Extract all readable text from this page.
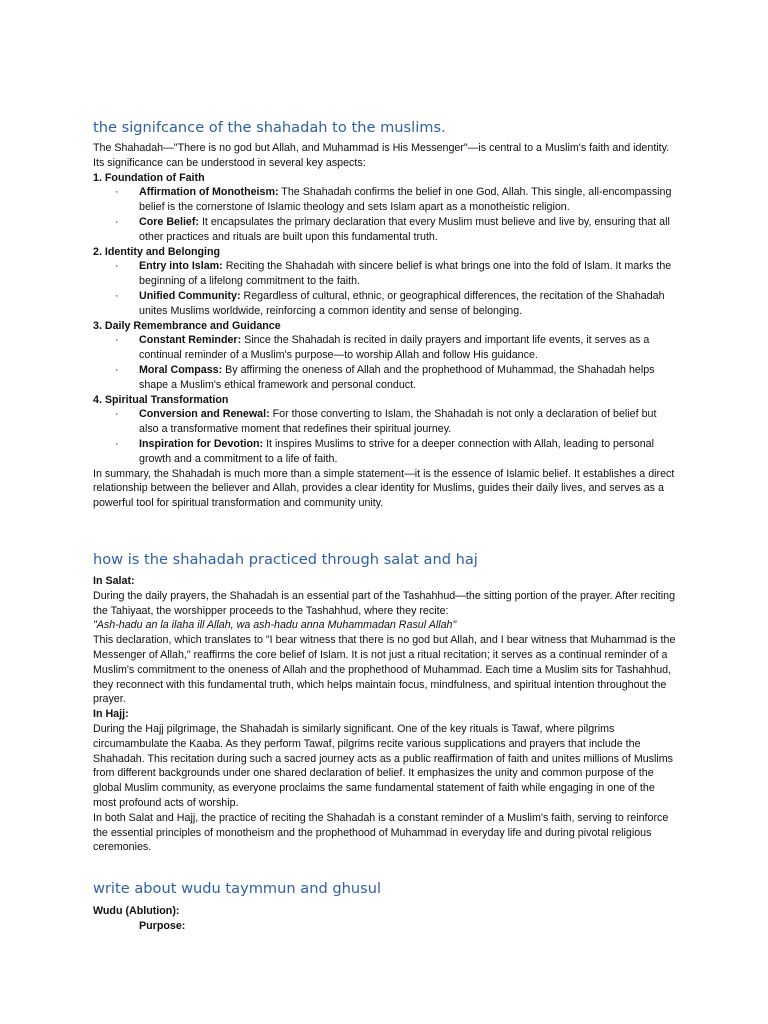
the signifcance of the shahadah to the muslims.

The Shahadah—"There is no god but Allah, and Muhammad is His Messenger"—is central to a Muslim's faith and identity. Its significance can be understood in several key aspects:

1. Foundation of Faith

· Affirmation of Monotheism: The Shahadah confirms the belief in one God, Allah. This single, all-encompassing belief is the cornerstone of Islamic theology and sets Islam apart as a monotheistic religion.
· Core Belief: It encapsulates the primary declaration that every Muslim must believe and live by, ensuring that all other practices and rituals are built upon this fundamental truth.

2. Identity and Belonging

· Entry into Islam: Reciting the Shahadah with sincere belief is what brings one into the fold of Islam. It marks the beginning of a lifelong commitment to the faith.
· Unified Community: Regardless of cultural, ethnic, or geographical differences, the recitation of the Shahadah unites Muslims worldwide, reinforcing a common identity and sense of belonging.

3. Daily Remembrance and Guidance

· Constant Reminder: Since the Shahadah is recited in daily prayers and important life events, it serves as a continual reminder of a Muslim's purpose—to worship Allah and follow His guidance.
· Moral Compass: By affirming the oneness of Allah and the prophethood of Muhammad, the Shahadah helps shape a Muslim's ethical framework and personal conduct.

4. Spiritual Transformation

· Conversion and Renewal: For those converting to Islam, the Shahadah is not only a declaration of belief but also a transformative moment that redefines their spiritual journey.
· Inspiration for Devotion: It inspires Muslims to strive for a deeper connection with Allah, leading to personal growth and a commitment to a life of faith.

In summary, the Shahadah is much more than a simple statement—it is the essence of Islamic belief. It establishes a direct relationship between the believer and Allah, provides a clear identity for Muslims, guides their daily lives, and serves as a powerful tool for spiritual transformation and community unity.

how is the shahadah practiced through salat and haj

In Salat:

During the daily prayers, the Shahadah is an essential part of the Tashahhud—the sitting portion of the prayer. After reciting the Tahiyaat, the worshipper proceeds to the Tashahhud, where they recite:

"Ash-hadu an la ilaha ill Allah, wa ash-hadu anna Muhammadan Rasul Allah"

This declaration, which translates to "I bear witness that there is no god but Allah, and I bear witness that Muhammad is the Messenger of Allah," reaffirms the core belief of Islam. It is not just a ritual recitation; it serves as a continual reminder of a Muslim's commitment to the oneness of Allah and the prophethood of Muhammad. Each time a Muslim sits for Tashahhud, they reconnect with this fundamental truth, which helps maintain focus, mindfulness, and spiritual intention throughout the prayer.

In Hajj:

During the Hajj pilgrimage, the Shahadah is similarly significant. One of the key rituals is Tawaf, where pilgrims circumambulate the Kaaba. As they perform Tawaf, pilgrims recite various supplications and prayers that include the Shahadah. This recitation during such a sacred journey acts as a public reaffirmation of faith and unites millions of Muslims from different backgrounds under one shared declaration of belief. It emphasizes the unity and common purpose of the global Muslim community, as everyone proclaims the same fundamental statement of faith while engaging in one of the most profound acts of worship.

In both Salat and Hajj, the practice of reciting the Shahadah is a constant reminder of a Muslim's faith, serving to reinforce the essential principles of monotheism and the prophethood of Muhammad in everyday life and during pivotal religious ceremonies.

write about wudu taymmun and ghusul

Wudu (Ablution):

Purpose:
